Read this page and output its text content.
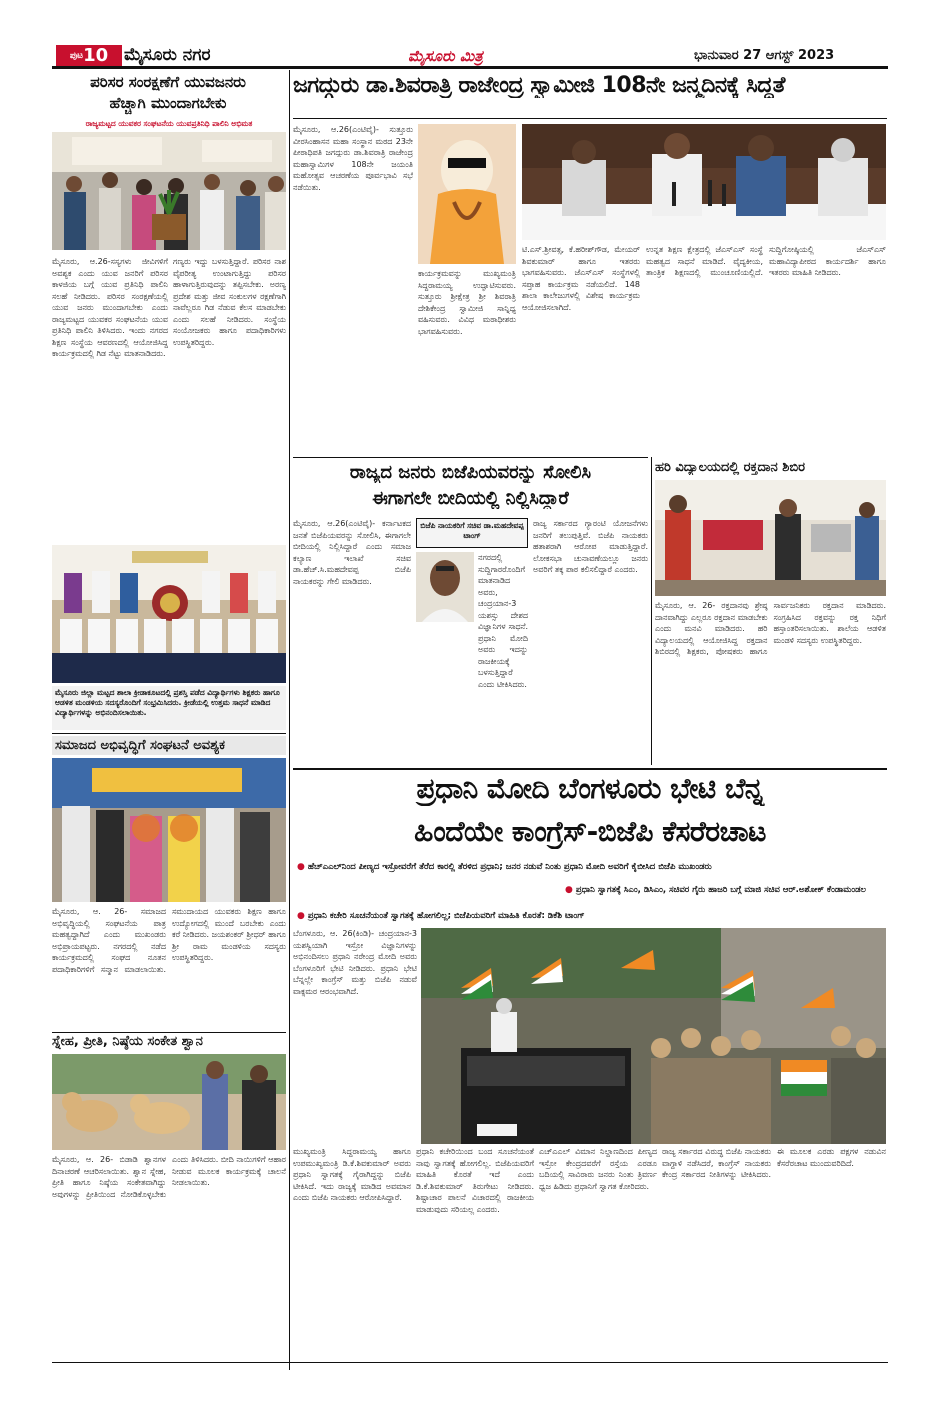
$^{ಪುಟ}$10 ಮೈಸೂರು ನಗರ	ಮೈಸೂರು ಮಿತ್ರ	ಭಾನುವಾರ 27 ಆಗಸ್ಟ್ 2023
ಪರಿಸರ ಸಂರಕ್ಷಣೆಗೆ ಯುವಜನರು
ಹೆಚ್ಚಾಗಿ ಮುಂದಾಗಬೇಕು
ರಾಜ್ಯಮಟ್ಟದ ಯುವಕರ ಸಂಘಟನೆಯ ಯುವಪ್ರತಿನಿಧಿ ಪಾಲಿನಿ ಅಭಿಮತ
ಮೈಸೂರು, ಆ.26-ಸಸ್ಯಗಳು ಜೀವಿಗಳಿಗೆ ಅವಶ್ಯಕ ಎಂದು ಯುವ ಜನರಿಗೆ ಪರಿಸರ ಕಾಳಜಿಯ ಬಗ್ಗೆ ಯುವ ಪ್ರತಿನಿಧಿ ಪಾಲಿನಿ ಸಲಹೆ ನೀಡಿದರು. ಪರಿಸರ ಸಂರಕ್ಷಣೆಯಲ್ಲಿ ಯುವ ಜನರು ಮುಂದಾಗಬೇಕು ಎಂದು ರಾಜ್ಯಮಟ್ಟದ ಯುವಕರ ಸಂಘಟನೆಯ ಯುವ ಪ್ರತಿನಿಧಿ ಪಾಲಿನಿ ತಿಳಿಸಿದರು. ಇಂದು ನಗರದ ಶಿಕ್ಷಣ ಸಂಸ್ಥೆಯ ಆವರಣದಲ್ಲಿ ಆಯೋಜಿಸಿದ್ದ ಕಾರ್ಯಕ್ರಮದಲ್ಲಿ ಗಿಡ ನೆಟ್ಟು ಮಾತನಾಡಿದರು.
ಗಣ್ಯರು ಇದ್ದು ಬಳಸುತ್ತಿದ್ದಾರೆ. ಪರಿಸರ ನಾಶ ವೈಪರೀತ್ಯ ಉಂಟಾಗುತ್ತಿದ್ದು ಪರಿಸರ ಹಾಳಾಗುತ್ತಿರುವುದನ್ನು ತಪ್ಪಿಸಬೇಕು. ಅರಣ್ಯ ಪ್ರದೇಶ ಮತ್ತು ಜೀವ ಸಂಕುಲಗಳ ರಕ್ಷಣೆಗಾಗಿ ನಾವೆಲ್ಲರೂ ಗಿಡ ನೆಡುವ ಕೆಲಸ ಮಾಡಬೇಕು ಎಂದು ಸಲಹೆ ನೀಡಿದರು. ಸಂಸ್ಥೆಯ ಸಂಯೋಜಕರು ಹಾಗೂ ಪದಾಧಿಕಾರಿಗಳು ಉಪಸ್ಥಿತರಿದ್ದರು.
ಮೈಸೂರು ಜಿಲ್ಲಾ ಮಟ್ಟದ ಶಾಲಾ ಕ್ರೀಡಾಕೂಟದಲ್ಲಿ ಪ್ರಶಸ್ತಿ ಪಡೆದ ವಿದ್ಯಾರ್ಥಿಗಳು ಶಿಕ್ಷಕರು ಹಾಗೂ ಆಡಳಿತ ಮಂಡಳಿಯ ಸದಸ್ಯರೊಂದಿಗೆ ಸಂಭ್ರಮಿಸಿದರು. ಕ್ರೀಡೆಯಲ್ಲಿ ಉತ್ತಮ ಸಾಧನೆ ಮಾಡಿದ ವಿದ್ಯಾರ್ಥಿಗಳನ್ನು ಅಭಿನಂದಿಸಲಾಯಿತು.
ಸಮಾಜದ ಅಭಿವೃದ್ಧಿಗೆ ಸಂಘಟನೆ ಅವಶ್ಯಕ
ಮೈಸೂರು, ಆ. 26- ಸಮಾಜದ ಅಭಿವೃದ್ಧಿಯಲ್ಲಿ ಸಂಘಟನೆಯ ಪಾತ್ರ ಮಹತ್ವದ್ದಾಗಿದೆ ಎಂದು ಮುಖಂಡರು ಅಭಿಪ್ರಾಯಪಟ್ಟರು. ನಗರದಲ್ಲಿ ನಡೆದ ಕಾರ್ಯಕ್ರಮದಲ್ಲಿ ಸಂಘದ ನೂತನ ಪದಾಧಿಕಾರಿಗಳಿಗೆ ಸನ್ಮಾನ ಮಾಡಲಾಯಿತು. ಸಮುದಾಯದ ಯುವಕರು ಶಿಕ್ಷಣ ಹಾಗೂ ಉದ್ಯೋಗದಲ್ಲಿ ಮುಂದೆ ಬರಬೇಕು ಎಂದು ಕರೆ ನೀಡಿದರು. ಜಯಶಂಕರ್ ಶ್ರೀಧರ್ ಹಾಗೂ ಶ್ರೀ ರಾಮ ಮಂಡಳಿಯ ಸದಸ್ಯರು ಉಪಸ್ಥಿತರಿದ್ದರು.
ಸ್ನೇಹ, ಪ್ರೀತಿ, ನಿಷ್ಠೆಯ ಸಂಕೇತ ಶ್ವಾನ
ಮೈಸೂರು, ಆ. 26- ಬಿಡಾಡಿ ಶ್ವಾನಗಳ ದಿನಾಚರಣೆ ಆಚರಿಸಲಾಯಿತು. ಶ್ವಾನ ಸ್ನೇಹ, ಪ್ರೀತಿ ಹಾಗೂ ನಿಷ್ಠೆಯ ಸಂಕೇತವಾಗಿದ್ದು ಅವುಗಳನ್ನು ಪ್ರೀತಿಯಿಂದ ನೋಡಿಕೊಳ್ಳಬೇಕು ಎಂದು ತಿಳಿಸಿದರು. ಬೀದಿ ನಾಯಿಗಳಿಗೆ ಆಹಾರ ನೀಡುವ ಮೂಲಕ ಕಾರ್ಯಕ್ರಮಕ್ಕೆ ಚಾಲನೆ ನೀಡಲಾಯಿತು.
ಜಗದ್ಗುರು ಡಾ.ಶಿವರಾತ್ರಿ ರಾಜೇಂದ್ರ ಸ್ವಾಮೀಜಿ 108ನೇ ಜನ್ಮದಿನಕ್ಕೆ ಸಿದ್ಧತೆ
ಮೈಸೂರು, ಆ.26(ಎಂಟಿವೈ)- ಸುತ್ತೂರು ವೀರಸಿಂಹಾಸನ ಮಹಾ ಸಂಸ್ಥಾನ ಮಠದ 23ನೇ ಪೀಠಾಧಿಪತಿ ಜಗದ್ಗುರು ಡಾ.ಶಿವರಾತ್ರಿ ರಾಜೇಂದ್ರ ಮಹಾಸ್ವಾಮಿಗಳ 108ನೇ ಜಯಂತಿ ಮಹೋತ್ಸವ ಆಚರಣೆಯ ಪೂರ್ವಭಾವಿ ಸಭೆ ನಡೆಯಿತು.
ಕಾರ್ಯಕ್ರಮವನ್ನು ಮುಖ್ಯಮಂತ್ರಿ ಸಿದ್ದರಾಮಯ್ಯ ಉದ್ಘಾಟಿಸುವರು. ಸುತ್ತೂರು ಶ್ರೀಕ್ಷೇತ್ರ ಶ್ರೀ ಶಿವರಾತ್ರಿ ದೇಶಿಕೇಂದ್ರ ಸ್ವಾಮೀಜಿ ಸಾನ್ನಿಧ್ಯ ವಹಿಸುವರು. ವಿವಿಧ ಮಠಾಧೀಶರು ಭಾಗವಹಿಸುವರು.
ಟಿ.ಎಸ್.ಶ್ರೀವತ್ಸ, ಕೆ.ಹರೀಶ್‌ಗೌಡ, ಮೇಯರ್ ಶಿವಕುಮಾರ್ ಹಾಗೂ ಇತರರು ಭಾಗವಹಿಸುವರು. ಜೆಎಸ್‌ಎಸ್ ಸಂಸ್ಥೆಗಳಲ್ಲಿ ಸಪ್ತಾಹ ಕಾರ್ಯಕ್ರಮ ನಡೆಯಲಿದೆ. 148 ಶಾಲಾ ಕಾಲೇಜುಗಳಲ್ಲಿ ವಿಶೇಷ ಕಾರ್ಯಕ್ರಮ ಆಯೋಜಿಸಲಾಗಿದೆ.
ಉನ್ನತ ಶಿಕ್ಷಣ ಕ್ಷೇತ್ರದಲ್ಲಿ ಜೆಎಸ್‌ಎಸ್ ಸಂಸ್ಥೆ ಮಹತ್ವದ ಸಾಧನೆ ಮಾಡಿದೆ. ವೈದ್ಯಕೀಯ, ತಾಂತ್ರಿಕ ಶಿಕ್ಷಣದಲ್ಲಿ ಮುಂಚೂಣಿಯಲ್ಲಿದೆ. ಸುದ್ದಿಗೋಷ್ಠಿಯಲ್ಲಿ ಜೆಎಸ್‌ಎಸ್ ಮಹಾವಿದ್ಯಾಪೀಠದ ಕಾರ್ಯದರ್ಶಿ ಹಾಗೂ ಇತರರು ಮಾಹಿತಿ ನೀಡಿದರು.
ರಾಜ್ಯದ ಜನರು ಬಿಜೆಪಿಯವರನ್ನು ಸೋಲಿಸಿ
ಈಗಾಗಲೇ ಬೀದಿಯಲ್ಲಿ ನಿಲ್ಲಿಸಿದ್ದಾರೆ
ಮೈಸೂರು, ಆ.26(ಎಂಟಿವೈ)- ಕರ್ನಾಟಕದ ಜನತೆ ಬಿಜೆಪಿಯವರನ್ನು ಸೋಲಿಸಿ, ಈಗಾಗಲೇ ಬೀದಿಯಲ್ಲಿ ನಿಲ್ಲಿಸಿದ್ದಾರೆ ಎಂದು ಸಮಾಜ ಕಲ್ಯಾಣ ಇಲಾಖೆ ಸಚಿವ ಡಾ.ಹೆಚ್.ಸಿ.ಮಹದೇವಪ್ಪ ಬಿಜೆಪಿ ನಾಯಕರನ್ನು ಗೇಲಿ ಮಾಡಿದರು.
ಬಿಜೆಪಿ ನಾಯಕರಿಗೆ ಸಚಿವ ಡಾ.ಮಹದೇವಪ್ಪ ಟಾಂಗ್
ನಗರದಲ್ಲಿ ಸುದ್ದಿಗಾರರೊಂದಿಗೆ ಮಾತನಾಡಿದ ಅವರು, ಚಂದ್ರಯಾನ-3 ಯಶಸ್ಸು ದೇಶದ ವಿಜ್ಞಾನಿಗಳ ಸಾಧನೆ. ಪ್ರಧಾನಿ ಮೋದಿ ಅವರು ಇದನ್ನು ರಾಜಕೀಯಕ್ಕೆ ಬಳಸುತ್ತಿದ್ದಾರೆ ಎಂದು ಟೀಕಿಸಿದರು.
ರಾಜ್ಯ ಸರ್ಕಾರದ ಗ್ಯಾರಂಟಿ ಯೋಜನೆಗಳು ಜನರಿಗೆ ತಲುಪುತ್ತಿವೆ. ಬಿಜೆಪಿ ನಾಯಕರು ಹತಾಶರಾಗಿ ಆರೋಪ ಮಾಡುತ್ತಿದ್ದಾರೆ. ಲೋಕಸಭಾ ಚುನಾವಣೆಯಲ್ಲೂ ಜನರು ಅವರಿಗೆ ತಕ್ಕ ಪಾಠ ಕಲಿಸಲಿದ್ದಾರೆ ಎಂದರು.
ಹರಿ ವಿದ್ಯಾಲಯದಲ್ಲಿ ರಕ್ತದಾನ ಶಿಬಿರ
ಮೈಸೂರು, ಆ. 26- ರಕ್ತದಾನವು ಶ್ರೇಷ್ಠ ದಾನವಾಗಿದ್ದು ಎಲ್ಲರೂ ರಕ್ತದಾನ ಮಾಡಬೇಕು ಎಂದು ಮನವಿ ಮಾಡಿದರು. ಹರಿ ವಿದ್ಯಾಲಯದಲ್ಲಿ ಆಯೋಜಿಸಿದ್ದ ರಕ್ತದಾನ ಶಿಬಿರದಲ್ಲಿ ಶಿಕ್ಷಕರು, ಪೋಷಕರು ಹಾಗೂ ಸಾರ್ವಜನಿಕರು ರಕ್ತದಾನ ಮಾಡಿದರು. ಸಂಗ್ರಹಿಸಿದ ರಕ್ತವನ್ನು ರಕ್ತ ನಿಧಿಗೆ ಹಸ್ತಾಂತರಿಸಲಾಯಿತು. ಶಾಲೆಯ ಆಡಳಿತ ಮಂಡಳಿ ಸದಸ್ಯರು ಉಪಸ್ಥಿತರಿದ್ದರು.
ಪ್ರಧಾನಿ ಮೋದಿ ಬೆಂಗಳೂರು ಭೇಟಿ ಬೆನ್ನ
ಹಿಂದೆಯೇ ಕಾಂಗ್ರೆಸ್-ಬಿಜೆಪಿ ಕೆಸರೆರಚಾಟ
● ಹೆಚ್‌ಎಎಲ್‌ನಿಂದ ಪೀಣ್ಯದ ಇಸ್ರೋವರೆಗೆ ತೆರೆದ ಕಾರಲ್ಲಿ ತೆರಳಿದ ಪ್ರಧಾನಿ; ಜನರ ನಡುವೆ ನಿಂತು ಪ್ರಧಾನಿ ಮೋದಿ ಅವರಿಗೆ ಕೈಬೀಸಿದ ಬಿಜೆಪಿ ಮುಖಂಡರು
● ಪ್ರಧಾನಿ ಸ್ವಾಗತಕ್ಕೆ ಸಿಎಂ, ಡಿಸಿಎಂ, ಸಚಿವರ ಗೈರು ಹಾಜರಿ ಬಗ್ಗೆ ಮಾಜಿ ಸಚಿವ ಆರ್.ಅಶೋಕ್ ಕೆಂಡಾಮಂಡಲ
● ಪ್ರಧಾನಿ ಕಚೇರಿ ಸೂಚನೆಯಂತೆ ಸ್ವಾಗತಕ್ಕೆ ಹೋಗಲಿಲ್ಲ; ಬಿಜೆಪಿಯವರಿಗೆ ಮಾಹಿತಿ ಕೊರತೆ: ಡಿಕೆಶಿ ಟಾಂಗ್
ಬೆಂಗಳೂರು, ಆ. 26(ಕಿಂಡಿ)- ಚಂದ್ರಯಾನ-3 ಯಶಸ್ವಿಯಾಗಿ ಇಸ್ರೋ ವಿಜ್ಞಾನಿಗಳನ್ನು ಅಭಿನಂದಿಸಲು ಪ್ರಧಾನಿ ನರೇಂದ್ರ ಮೋದಿ ಅವರು ಬೆಂಗಳೂರಿಗೆ ಭೇಟಿ ನೀಡಿದರು. ಪ್ರಧಾನಿ ಭೇಟಿ ಬೆನ್ನಲ್ಲೇ ಕಾಂಗ್ರೆಸ್ ಮತ್ತು ಬಿಜೆಪಿ ನಡುವೆ ವಾಕ್ಸಮರ ಆರಂಭವಾಗಿದೆ.
ಮುಖ್ಯಮಂತ್ರಿ ಸಿದ್ದರಾಮಯ್ಯ ಹಾಗೂ ಉಪಮುಖ್ಯಮಂತ್ರಿ ಡಿ.ಕೆ.ಶಿವಕುಮಾರ್ ಅವರು ಪ್ರಧಾನಿ ಸ್ವಾಗತಕ್ಕೆ ಗೈರಾಗಿದ್ದನ್ನು ಬಿಜೆಪಿ ಟೀಕಿಸಿದೆ. ಇದು ರಾಜ್ಯಕ್ಕೆ ಮಾಡಿದ ಅವಮಾನ ಎಂದು ಬಿಜೆಪಿ ನಾಯಕರು ಆರೋಪಿಸಿದ್ದಾರೆ.
ಪ್ರಧಾನಿ ಕಚೇರಿಯಿಂದ ಬಂದ ಸೂಚನೆಯಂತೆ ನಾವು ಸ್ವಾಗತಕ್ಕೆ ಹೋಗಲಿಲ್ಲ. ಬಿಜೆಪಿಯವರಿಗೆ ಮಾಹಿತಿ ಕೊರತೆ ಇದೆ ಎಂದು ಡಿ.ಕೆ.ಶಿವಕುಮಾರ್ ತಿರುಗೇಟು ನೀಡಿದರು. ಶಿಷ್ಟಾಚಾರ ಪಾಲನೆ ವಿಚಾರದಲ್ಲಿ ರಾಜಕೀಯ ಮಾಡುವುದು ಸರಿಯಲ್ಲ ಎಂದರು.
ಎಚ್‌ಎಎಲ್ ವಿಮಾನ ನಿಲ್ದಾಣದಿಂದ ಪೀಣ್ಯದ ಇಸ್ರೋ ಕೇಂದ್ರದವರೆಗೆ ರಸ್ತೆಯ ಎರಡೂ ಬದಿಯಲ್ಲಿ ಸಾವಿರಾರು ಜನರು ನಿಂತು ತ್ರಿವರ್ಣ ಧ್ವಜ ಹಿಡಿದು ಪ್ರಧಾನಿಗೆ ಸ್ವಾಗತ ಕೋರಿದರು.
ರಾಜ್ಯ ಸರ್ಕಾರದ ವಿರುದ್ಧ ಬಿಜೆಪಿ ನಾಯಕರು ವಾಗ್ದಾಳಿ ನಡೆಸಿದರೆ, ಕಾಂಗ್ರೆಸ್ ನಾಯಕರು ಕೇಂದ್ರ ಸರ್ಕಾರದ ನೀತಿಗಳನ್ನು ಟೀಕಿಸಿದರು. ಈ ಮೂಲಕ ಎರಡು ಪಕ್ಷಗಳ ನಡುವಿನ ಕೆಸರೆರಚಾಟ ಮುಂದುವರಿದಿದೆ.
